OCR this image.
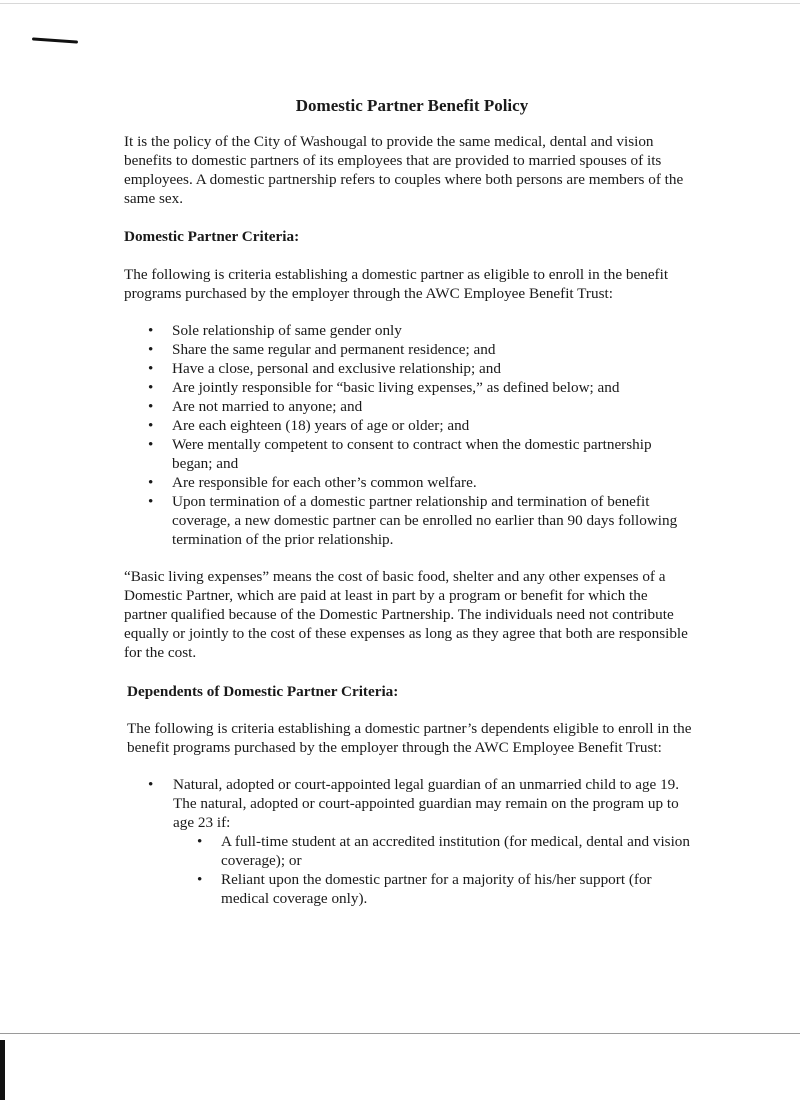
Domestic Partner Benefit Policy

It is the policy of the City of Washougal to provide the same medical, dental and vision benefits to domestic partners of its employees that are provided to married spouses of its employees. A domestic partnership refers to couples where both persons are members of the same sex.

Domestic Partner Criteria:

The following is criteria establishing a domestic partner as eligible to enroll in the benefit programs purchased by the employer through the AWC Employee Benefit Trust:

• Sole relationship of same gender only
• Share the same regular and permanent residence; and
• Have a close, personal and exclusive relationship; and
• Are jointly responsible for “basic living expenses,” as defined below; and
• Are not married to anyone; and
• Are each eighteen (18) years of age or older; and
• Were mentally competent to consent to contract when the domestic partnership began; and
• Are responsible for each other’s common welfare.
• Upon termination of a domestic partner relationship and termination of benefit coverage, a new domestic partner can be enrolled no earlier than 90 days following termination of the prior relationship.

“Basic living expenses” means the cost of basic food, shelter and any other expenses of a Domestic Partner, which are paid at least in part by a program or benefit for which the partner qualified because of the Domestic Partnership. The individuals need not contribute equally or jointly to the cost of these expenses as long as they agree that both are responsible for the cost.

Dependents of Domestic Partner Criteria:

The following is criteria establishing a domestic partner’s dependents eligible to enroll in the benefit programs purchased by the employer through the AWC Employee Benefit Trust:

• Natural, adopted or court-appointed legal guardian of an unmarried child to age 19. The natural, adopted or court-appointed guardian may remain on the program up to age 23 if:
• A full-time student at an accredited institution (for medical, dental and vision coverage); or
• Reliant upon the domestic partner for a majority of his/her support (for medical coverage only).
